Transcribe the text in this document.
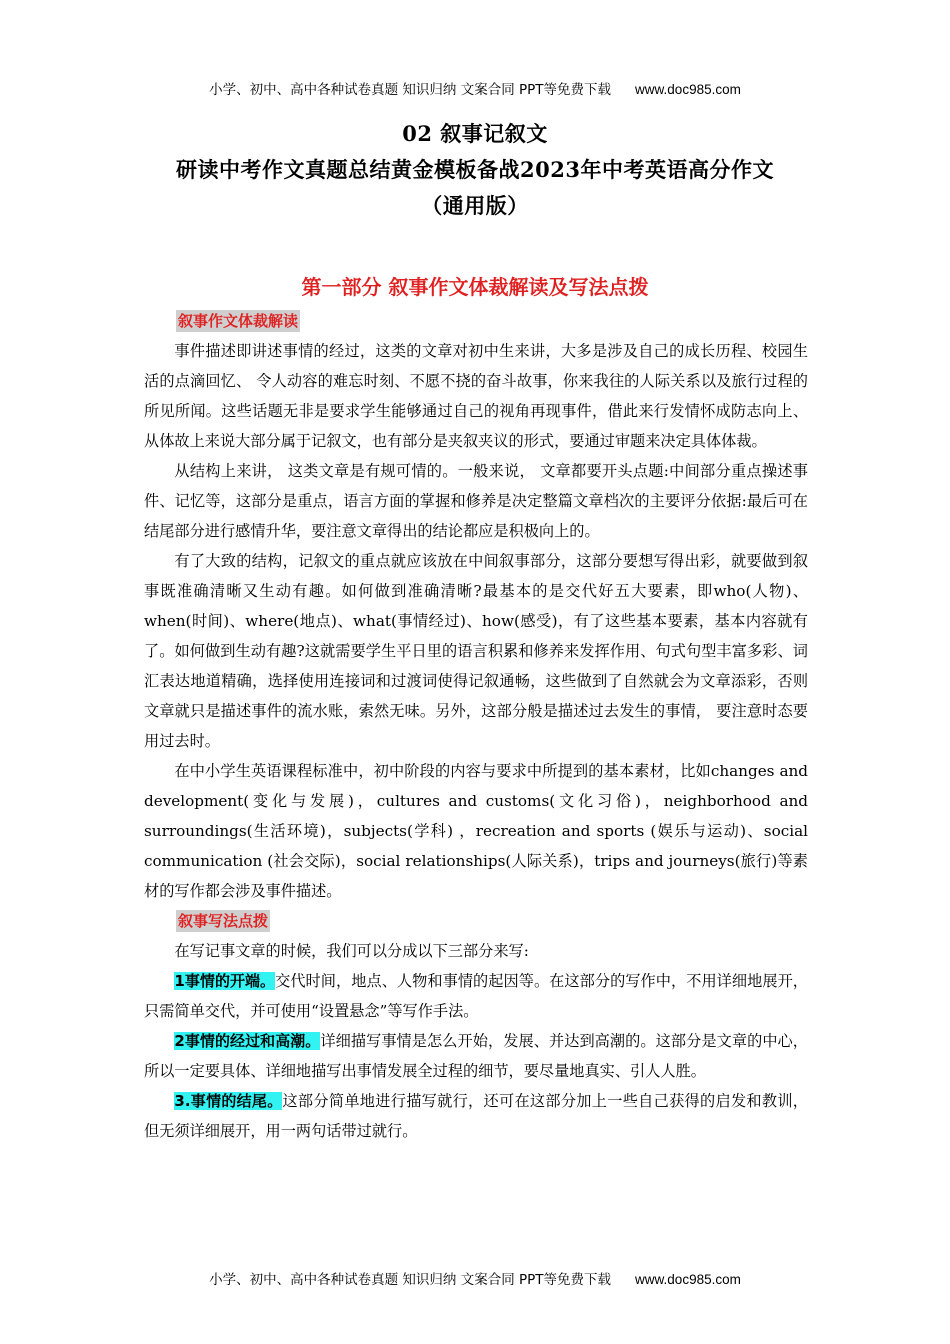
小学、初中、高中各种试卷真题 知识归纳 文案合同 PPT等免费下载 www.doc985.com
02 叙事记叙文
研读中考作文真题总结黄金模板备战2023年中考英语高分作文
（通用版）
第一部分 叙事作文体裁解读及写法点拨
叙事作文体裁解读

事件描述即讲述事情的经过，这类的文章对初中生来讲，大多是涉及自己的成长历程、校园生活的点滴回忆、 令人动容的难忘时刻、不愿不挠的奋斗故事，你来我往的人际关系以及旅行过程的所见所闻。这些话题无非是要求学生能够通过自己的视角再现事件，借此来行发情怀成防志向上、从体故上来说大部分属于记叙文，也有部分是夹叙夹议的形式，要通过审题来决定具体体裁。

从结构上来讲， 这类文章是有规可情的。一般来说， 文章都要开头点题:中间部分重点操述事件、记忆等，这部分是重点，语言方面的掌握和修养是决定整篇文章档次的主要评分依据:最后可在结尾部分进行感情升华，要注意文章得出的结论都应是积极向上的。

有了大致的结构，记叙文的重点就应该放在中间叙事部分，这部分要想写得出彩，就要做到叙事既准确清晰又生动有趣。如何做到准确清晰?最基本的是交代好五大要素，即who(人物)、when(时间)、where(地点)、what(事情经过)、how(感受)，有了这些基本要素，基本内容就有了。如何做到生动有趣?这就需要学生平日里的语言积累和修养来发挥作用、句式句型丰富多彩、词汇表达地道精确，选择使用连接词和过渡词使得记叙通畅，这些做到了自然就会为文章添彩，否则文章就只是描述事件的流水账，索然无味。另外，这部分般是描述过去发生的事情， 要注意时态要用过去时。

在中小学生英语课程标准中，初中阶段的内容与要求中所提到的基本素材，比如changes and development(变化与发展)，cultures and customs(文化习俗)，neighborhood and surroundings(生活环境)，subjects(学科) ，recreation and sports (娱乐与运动)、social communication (社会交际)，social relationships(人际关系)，trips and journeys(旅行)等素材的写作都会涉及事件描述。

叙事写法点拨

在写记事文章的时候，我们可以分成以下三部分来写:

1事情的开端。交代时间，地点、人物和事情的起因等。在这部分的写作中，不用详细地展开，只需简单交代，并可使用“设置悬念”等写作手法。

2事情的经过和高潮。详细描写事情是怎么开始，发展、并达到高潮的。这部分是文章的中心，所以一定要具体、详细地描写出事情发展全过程的细节，要尽量地真实、引人人胜。

3.事情的结尾。这部分简单地进行描写就行，还可在这部分加上一些自己获得的启发和教训，但无须详细展开，用一两句话带过就行。

小学、初中、高中各种试卷真题 知识归纳 文案合同 PPT等免费下载 www.doc985.com
